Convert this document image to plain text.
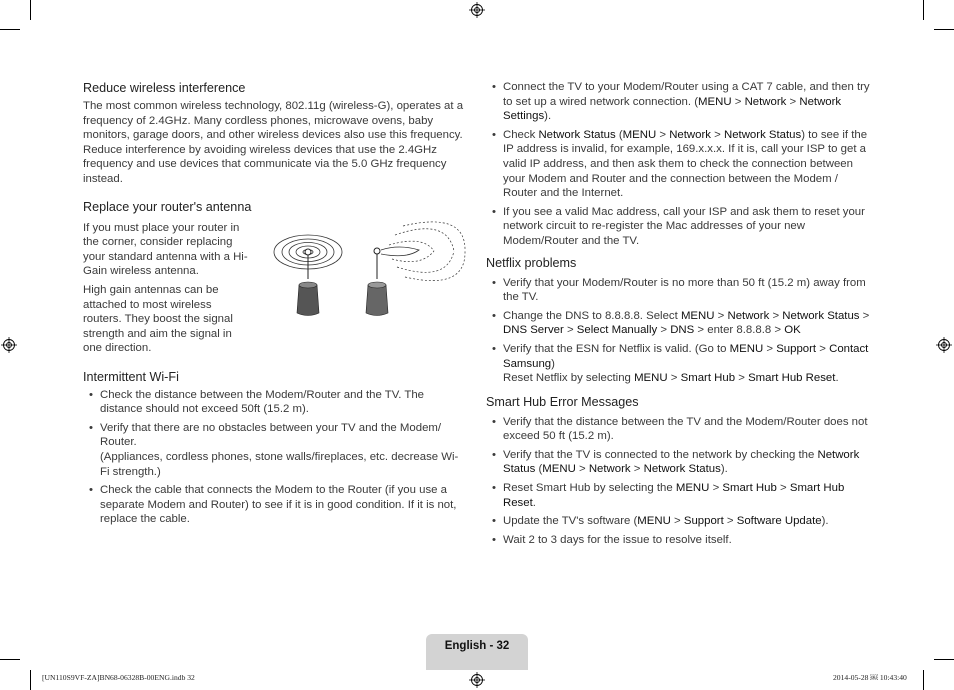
Reduce wireless interference

The most common wireless technology, 802.11g (wireless-G), operates at a frequency of 2.4GHz. Many cordless phones, microwave ovens, baby monitors, garage doors, and other wireless devices also use this frequency. Reduce interference by avoiding wireless devices that use the 2.4GHz frequency and use devices that communicate via the 5.0 GHz frequency instead.

Replace your router's antenna

If you must place your router in the corner, consider replacing your standard antenna with a Hi-Gain wireless antenna.

High gain antennas can be attached to most wireless routers. They boost the signal strength and aim the signal in one direction.

Intermittent Wi-Fi
• Check the distance between the Modem/Router and the TV. The distance should not exceed 50ft (15.2 m).
• Verify that there are no obstacles between your TV and the Modem/ Router.
(Appliances, cordless phones, stone walls/fireplaces, etc. decrease Wi-Fi strength.)
• Check the cable that connects the Modem to the Router (if you use a separate Modem and Router) to see if it is in good condition. If it is not, replace the cable.
• Connect the TV to your Modem/Router using a CAT 7 cable, and then try to set up a wired network connection. (MENU > Network > Network Settings).
• Check Network Status (MENU > Network > Network Status) to see if the IP address is invalid, for example, 169.x.x.x. If it is, call your ISP to get a valid IP address, and then ask them to check the connection between your Modem and Router and the connection between the Modem / Router and the Internet.
• If you see a valid Mac address, call your ISP and ask them to reset your network circuit to re-register the Mac addresses of your new Modem/Router and the TV.
Netflix problems
• Verify that your Modem/Router is no more than 50 ft (15.2 m) away from the TV.
• Change the DNS to 8.8.8.8. Select MENU > Network > Network Status > DNS Server > Select Manually > DNS > enter 8.8.8.8 > OK
• Verify that the ESN for Netflix is valid. (Go to MENU > Support > Contact Samsung)
Reset Netflix by selecting MENU > Smart Hub > Smart Hub Reset.
Smart Hub Error Messages
• Verify that the distance between the TV and the Modem/Router does not exceed 50 ft (15.2 m).
• Verify that the TV is connected to the network by checking the Network Status (MENU > Network > Network Status).
• Reset Smart Hub by selecting the MENU > Smart Hub > Smart Hub Reset.
• Update the TV's software (MENU > Support > Software Update).
• Wait 2 to 3 days for the issue to resolve itself.
English - 32
[UN110S9VF-ZA]BN68-06328B-00ENG.indb 32	2014-05-28 ￼ 10:43:40
